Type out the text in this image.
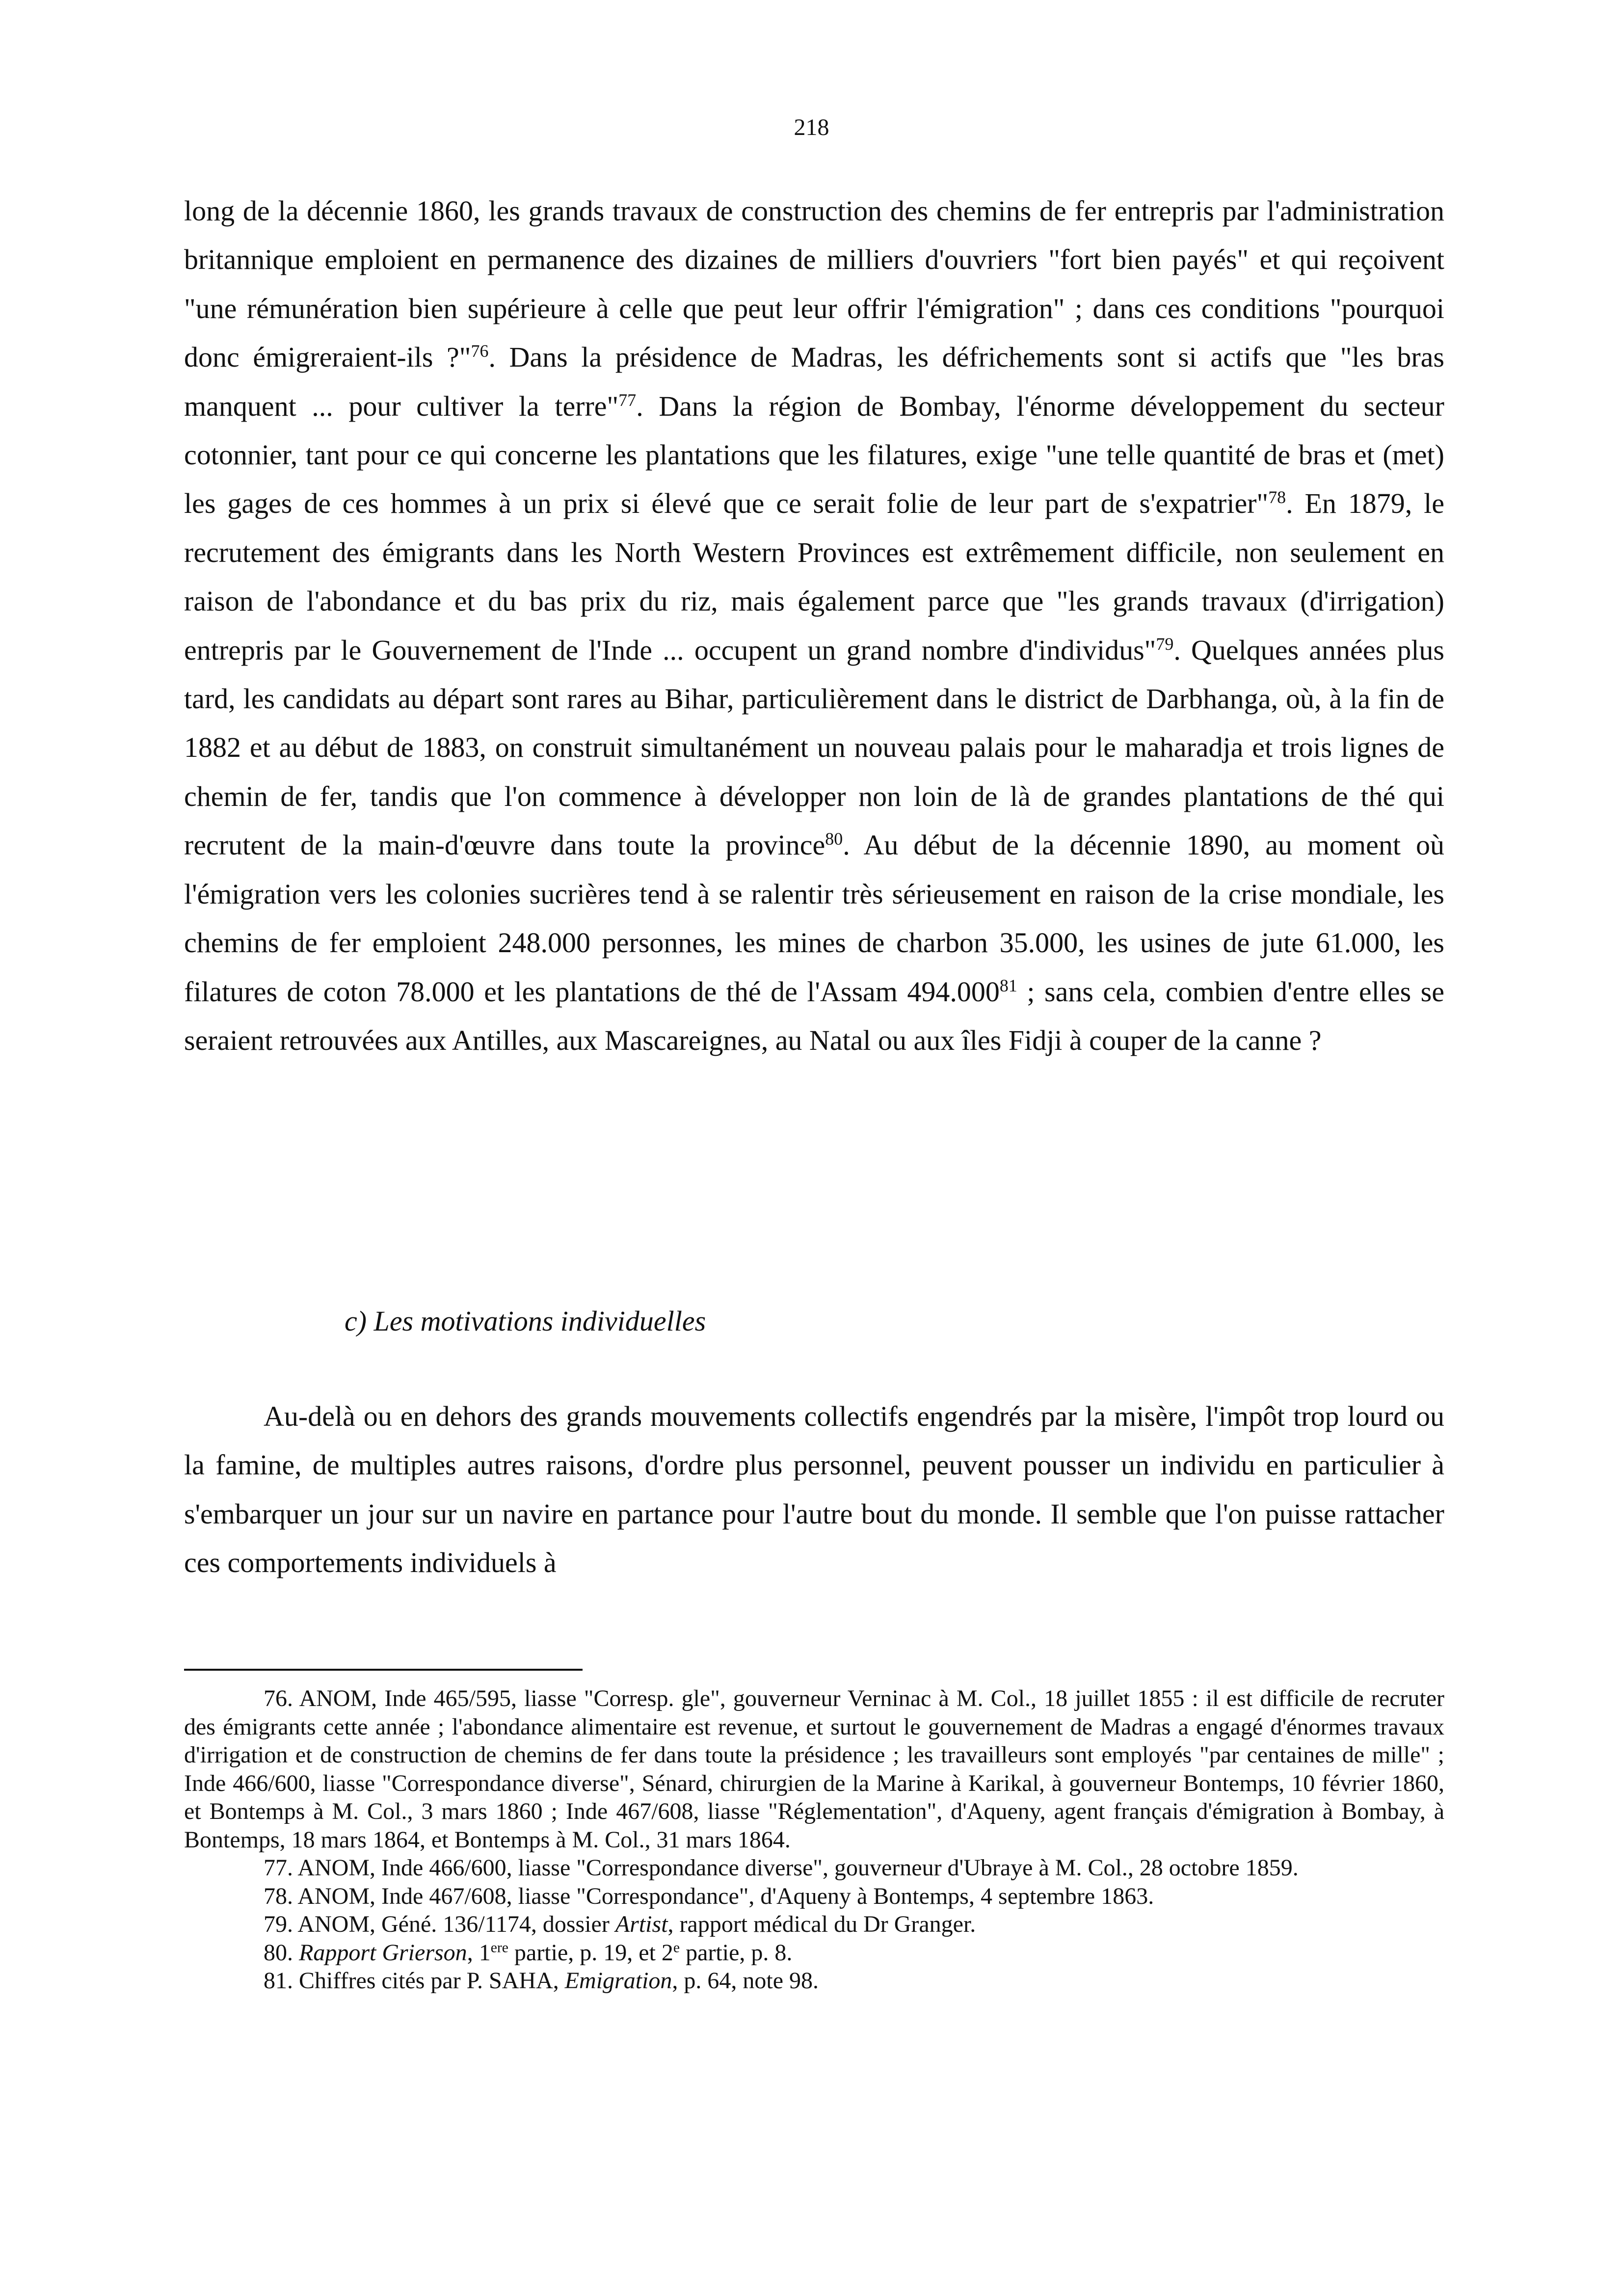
218
long de la décennie 1860, les grands travaux de construction des chemins de fer entrepris par l'administration britannique emploient en permanence des dizaines de milliers d'ouvriers "fort bien payés" et qui reçoivent "une rémunération bien supérieure à celle que peut leur offrir l'émigration" ; dans ces conditions "pourquoi donc émigreraient-ils ?"$^{76}$. Dans la présidence de Madras, les défrichements sont si actifs que "les bras manquent ... pour cultiver la terre"$^{77}$. Dans la région de Bombay, l'énorme développement du secteur cotonnier, tant pour ce qui concerne les plantations que les filatures, exige "une telle quantité de bras et (met) les gages de ces hommes à un prix si élevé que ce serait folie de leur part de s'expatrier"$^{78}$. En 1879, le recrutement des émigrants dans les North Western Provinces est extrêmement difficile, non seulement en raison de l'abondance et du bas prix du riz, mais également parce que "les grands travaux (d'irrigation) entrepris par le Gouvernement de l'Inde ... occupent un grand nombre d'individus"$^{79}$. Quelques années plus tard, les candidats au départ sont rares au Bihar, particulièrement dans le district de Darbhanga, où, à la fin de 1882 et au début de 1883, on construit simultanément un nouveau palais pour le maharadja et trois lignes de chemin de fer, tandis que l'on commence à développer non loin de là de grandes plantations de thé qui recrutent de la main-d'œuvre dans toute la province$^{80}$. Au début de la décennie 1890, au moment où l'émigration vers les colonies sucrières tend à se ralentir très sérieusement en raison de la crise mondiale, les chemins de fer emploient 248.000 personnes, les mines de charbon 35.000, les usines de jute 61.000, les filatures de coton 78.000 et les plantations de thé de l'Assam 494.000$^{81}$ ; sans cela, combien d'entre elles se seraient retrouvées aux Antilles, aux Mascareignes, au Natal ou aux îles Fidji à couper de la canne ?
c) Les motivations individuelles
Au-delà ou en dehors des grands mouvements collectifs engendrés par la misère, l'impôt trop lourd ou la famine, de multiples autres raisons, d'ordre plus personnel, peuvent pousser un individu en particulier à s'embarquer un jour sur un navire en partance pour l'autre bout du monde. Il semble que l'on puisse rattacher ces comportements individuels à

76. ANOM, Inde 465/595, liasse "Corresp. gle", gouverneur Verninac à M. Col., 18 juillet 1855 : il est difficile de recruter des émigrants cette année ; l'abondance alimentaire est revenue, et surtout le gouvernement de Madras a engagé d'énormes travaux d'irrigation et de construction de chemins de fer dans toute la présidence ; les travailleurs sont employés "par centaines de mille" ; Inde 466/600, liasse "Correspondance diverse", Sénard, chirurgien de la Marine à Karikal, à gouverneur Bontemps, 10 février 1860, et Bontemps à M. Col., 3 mars 1860 ; Inde 467/608, liasse "Réglementation", d'Aqueny, agent français d'émigration à Bombay, à Bontemps, 18 mars 1864, et Bontemps à M. Col., 31 mars 1864.

77. ANOM, Inde 466/600, liasse "Correspondance diverse", gouverneur d'Ubraye à M. Col., 28 octobre 1859.

78. ANOM, Inde 467/608, liasse "Correspondance", d'Aqueny à Bontemps, 4 septembre 1863.

79. ANOM, Géné. 136/1174, dossier Artist, rapport médical du Dr Granger.

80. Rapport Grierson, 1ere partie, p. 19, et 2e partie, p. 8.

81. Chiffres cités par P. SAHA, Emigration, p. 64, note 98.
